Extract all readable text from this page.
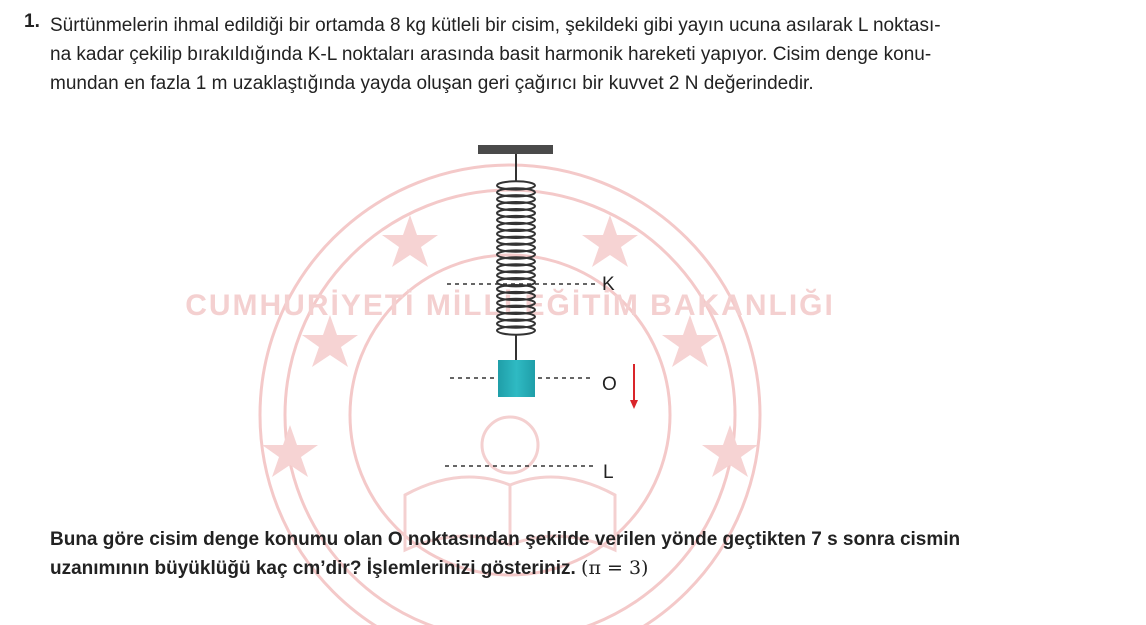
CUMHURİYETİ MİLLİ EĞİTİM BAKANLIĞI
1. Sürtünmelerin ihmal edildiği bir ortamda 8 kg kütleli bir cisim, şekildeki gibi yayın ucuna asılarak L noktası-
na kadar çekilip bırakıldığında K-L noktaları arasında basit harmonik hareketi yapıyor. Cisim denge konu-
mundan en fazla 1 m uzaklaştığında yayda oluşan geri çağırıcı bir kuvvet 2 N değerindedir.
K
O
L
Buna göre cisim denge konumu olan O noktasından şekilde verilen yönde geçtikten 7 s sonra cismin
uzanımının büyüklüğü kaç cm’dir? İşlemlerinizi gösteriniz. (π = 3)
